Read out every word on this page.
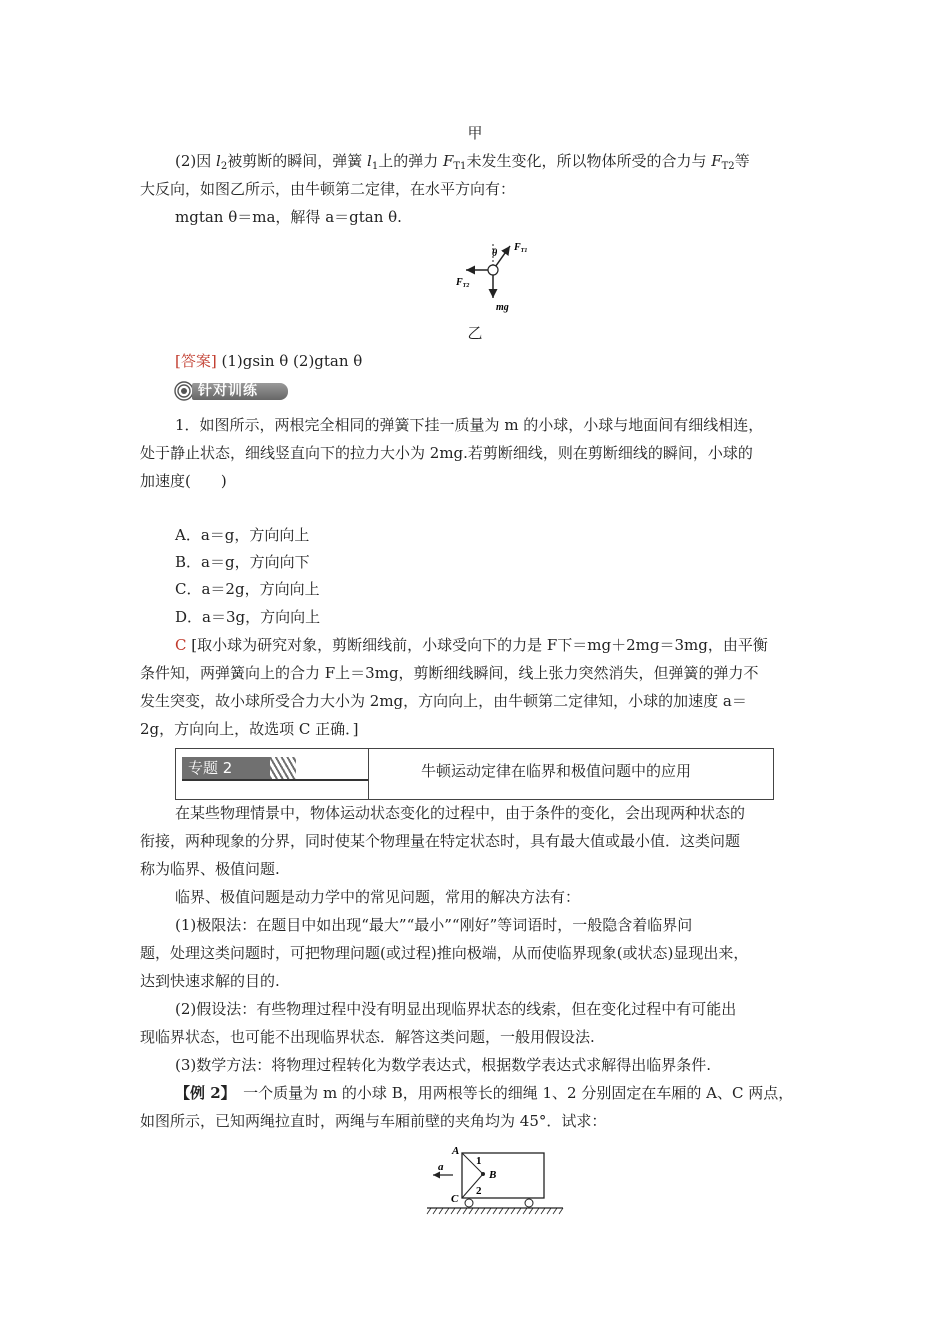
甲
(2)因 $l_2$被剪断的瞬间，弹簧 $l_1$上的弹力 $F_{T1}$未发生变化，所以物体所受的合力与 $F_{T2}$等
大反向，如图乙所示，由牛顿第二定律，在水平方向有：
mgtan θ＝ma，解得 a＝gtan θ.
θ
$F_{T1}$
$F_{T2}$
mg
乙
[答案] (1)gsin θ (2)gtan θ
针对训练
1．如图所示，两根完全相同的弹簧下挂一质量为 m 的小球，小球与地面间有细线相连，
处于静止状态，细线竖直向下的拉力大小为 2mg.若剪断细线，则在剪断细线的瞬间，小球的
加速度(　　)
A．a＝g，方向向上
B．a＝g，方向向下
C．a＝2g，方向向上
D．a＝3g，方向向上
C [取小球为研究对象，剪断细线前，小球受向下的力是 F下＝mg＋2mg＝3mg，由平衡
条件知，两弹簧向上的合力 F上＝3mg，剪断细线瞬间，线上张力突然消失，但弹簧的弹力不
发生突变，故小球所受合力大小为 2mg，方向向上，由牛顿第二定律知，小球的加速度 a＝
2g，方向向上，故选项 C 正确．]
专题 2	牛顿运动定律在临界和极值问题中的应用
在某些物理情景中，物体运动状态变化的过程中，由于条件的变化，会出现两种状态的
衔接，两种现象的分界，同时使某个物理量在特定状态时，具有最大值或最小值．这类问题
称为临界、极值问题.
临界、极值问题是动力学中的常见问题，常用的解决方法有：
(1)极限法：在题目中如出现“最大”“最小”“刚好”等词语时，一般隐含着临界问
题，处理这类问题时，可把物理问题(或过程)推向极端，从而使临界现象(或状态)显现出来，
达到快速求解的目的.
(2)假设法：有些物理过程中没有明显出现临界状态的线索，但在变化过程中有可能出
现临界状态，也可能不出现临界状态．解答这类问题，一般用假设法.
(3)数学方法：将物理过程转化为数学表达式，根据数学表达式求解得出临界条件.
【例 2】　一个质量为 m 的小球 B，用两根等长的细绳 1、2 分别固定在车厢的 A、C 两点，
如图所示，已知两绳拉直时，两绳与车厢前壁的夹角均为 45°．试求：
a
A
C
B
1
2
